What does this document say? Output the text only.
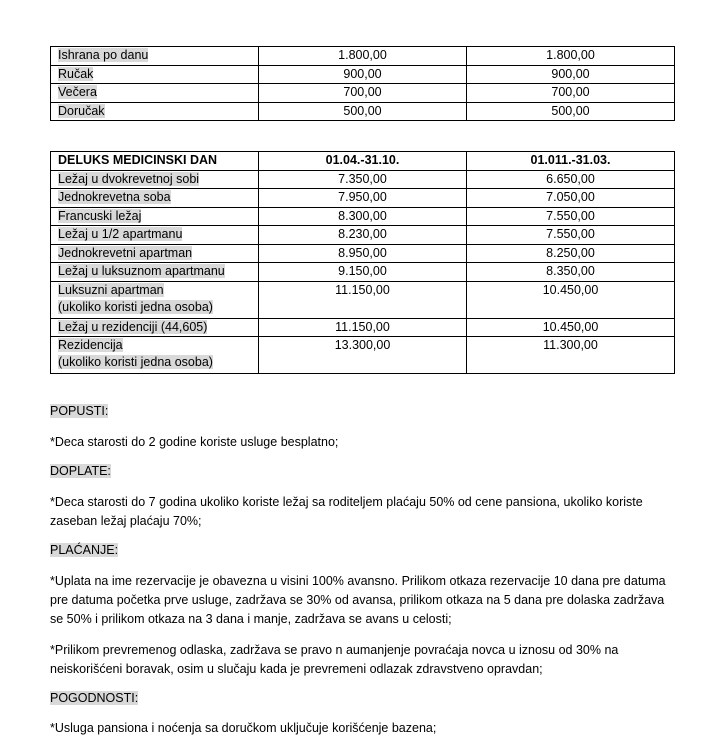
Ishrana po danu	1.800,00	1.800,00
Ručak	900,00	900,00
Večera	700,00	700,00
Doručak	500,00	500,00
DELUKS MEDICINSKI DAN	01.04.-31.10.	01.011.-31.03.
Ležaj u dvokrevetnoj sobi	7.350,00	6.650,00
Jednokrevetna soba	7.950,00	7.050,00
Francuski ležaj	8.300,00	7.550,00
Ležaj u 1/2 apartmanu	8.230,00	7.550,00
Jednokrevetni apartman	8.950,00	8.250,00
Ležaj u luksuznom apartmanu	9.150,00	8.350,00
Luksuzni apartman
(ukoliko koristi jedna osoba)	11.150,00	10.450,00
Ležaj u rezidenciji (44,605)	11.150,00	10.450,00
Rezidencija
(ukoliko koristi jedna osoba)	13.300,00	11.300,00
POPUSTI:
*Deca starosti do 2 godine koriste usluge besplatno;
DOPLATE:
*Deca starosti do 7 godina ukoliko koriste ležaj sa roditeljem plaćaju 50% od cene pansiona, ukoliko koriste zaseban ležaj plaćaju 70%;
PLAĆANJE:
*Uplata na ime rezervacije je obavezna u visini 100% avansno. Prilikom otkaza rezervacije 10 dana pre datuma pre datuma početka prve usluge, zadržava se 30% od avansa, prilikom otkaza na 5 dana pre dolaska zadržava se 50% i prilikom otkaza na 3 dana i manje, zadržava se avans u celosti;
*Prilikom prevremenog odlaska, zadržava se pravo n aumanjenje povraćaja novca u iznosu od 30% na neiskorišćeni boravak, osim u slučaju kada je prevremeni odlazak zdravstveno opravdan;
POGODNOSTI:
*Usluga pansiona i noćenja sa doručkom uključuje korišćenje bazena;
